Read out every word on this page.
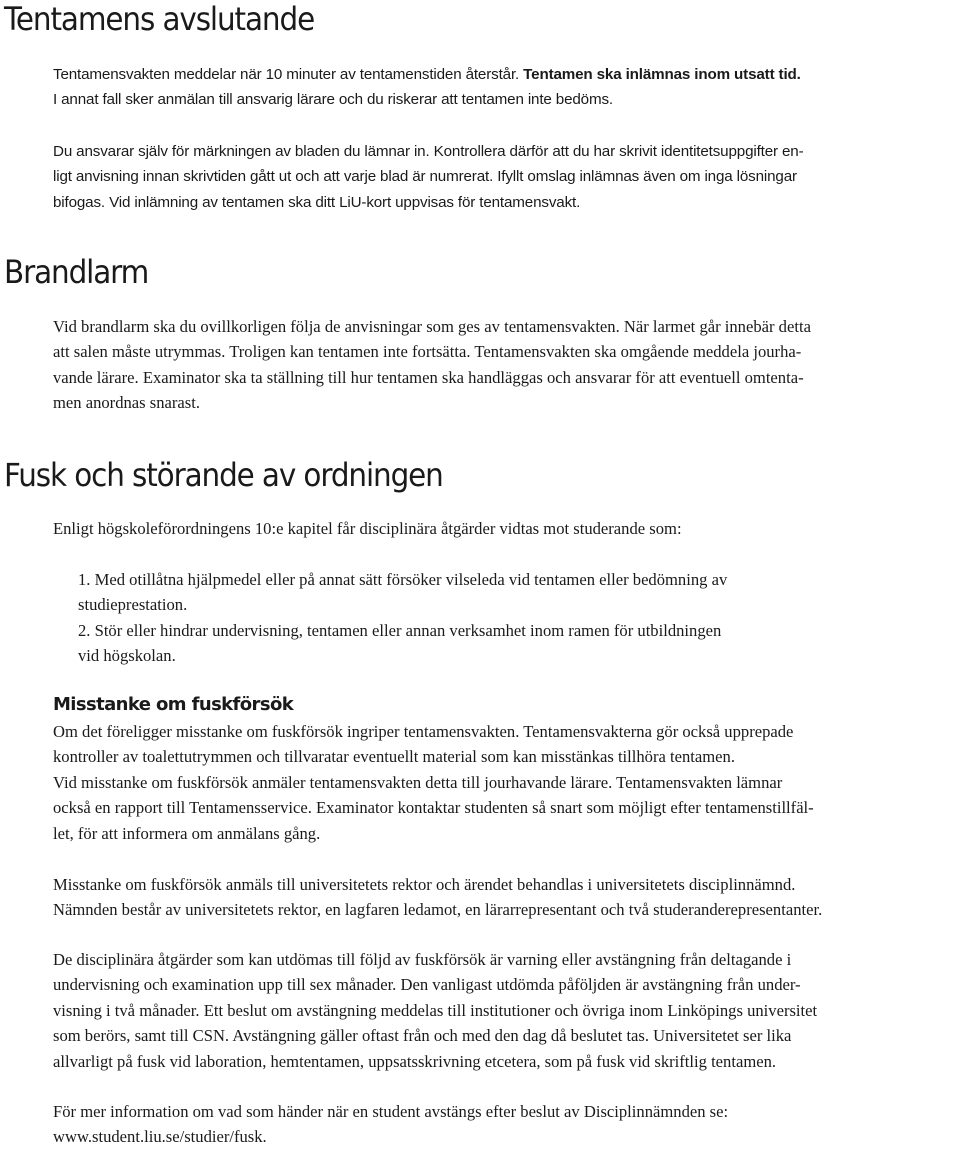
Tentamens avslutande
Tentamensvakten meddelar när 10 minuter av tentamenstiden återstår. Tentamen ska inlämnas inom utsatt tid.
I annat fall sker anmälan till ansvarig lärare och du riskerar att tentamen inte bedöms.
Du ansvarar själv för märkningen av bladen du lämnar in. Kontrollera därför att du har skrivit identitetsuppgifter en-
ligt anvisning innan skrivtiden gått ut och att varje blad är numrerat. Ifyllt omslag inlämnas även om inga lösningar
bifogas. Vid inlämning av tentamen ska ditt LiU-kort uppvisas för tentamensvakt.
Brandlarm
Vid brandlarm ska du ovillkorligen följa de anvisningar som ges av tentamensvakten. När larmet går innebär detta
att salen måste utrymmas. Troligen kan tentamen inte fortsätta. Tentamensvakten ska omgående meddela jourha-
vande lärare. Examinator ska ta ställning till hur tentamen ska handläggas och ansvarar för att eventuell omtenta-
men anordnas snarast.
Fusk och störande av ordningen
Enligt högskoleförordningens 10:e kapitel får disciplinära åtgärder vidtas mot studerande som:
1. Med otillåtna hjälpmedel eller på annat sätt försöker vilseleda vid tentamen eller bedömning av
studieprestation.
2. Stör eller hindrar undervisning, tentamen eller annan verksamhet inom ramen för utbildningen
vid högskolan.
Misstanke om fuskförsök
Om det föreligger misstanke om fuskförsök ingriper tentamensvakten. Tentamensvakterna gör också upprepade
kontroller av toalettutrymmen och tillvaratar eventuellt material som kan misstänkas tillhöra tentamen.
Vid misstanke om fuskförsök anmäler tentamensvakten detta till jourhavande lärare. Tentamensvakten lämnar
också en rapport till Tentamensservice. Examinator kontaktar studenten så snart som möjligt efter tentamenstillfäl-
let, för att informera om anmälans gång.
Misstanke om fuskförsök anmäls till universitetets rektor och ärendet behandlas i universitetets disciplinnämnd.
Nämnden består av universitetets rektor, en lagfaren ledamot, en lärarrepresentant och två studeranderepresentanter.
De disciplinära åtgärder som kan utdömas till följd av fuskförsök är varning eller avstängning från deltagande i
undervisning och examination upp till sex månader. Den vanligast utdömda påföljden är avstängning från under-
visning i två månader. Ett beslut om avstängning meddelas till institutioner och övriga inom Linköpings universitet
som berörs, samt till CSN. Avstängning gäller oftast från och med den dag då beslutet tas. Universitetet ser lika
allvarligt på fusk vid laboration, hemtentamen, uppsatsskrivning etcetera, som på fusk vid skriftlig tentamen.
För mer information om vad som händer när en student avstängs efter beslut av Disciplinnämnden se:
www.student.liu.se/studier/fusk.
